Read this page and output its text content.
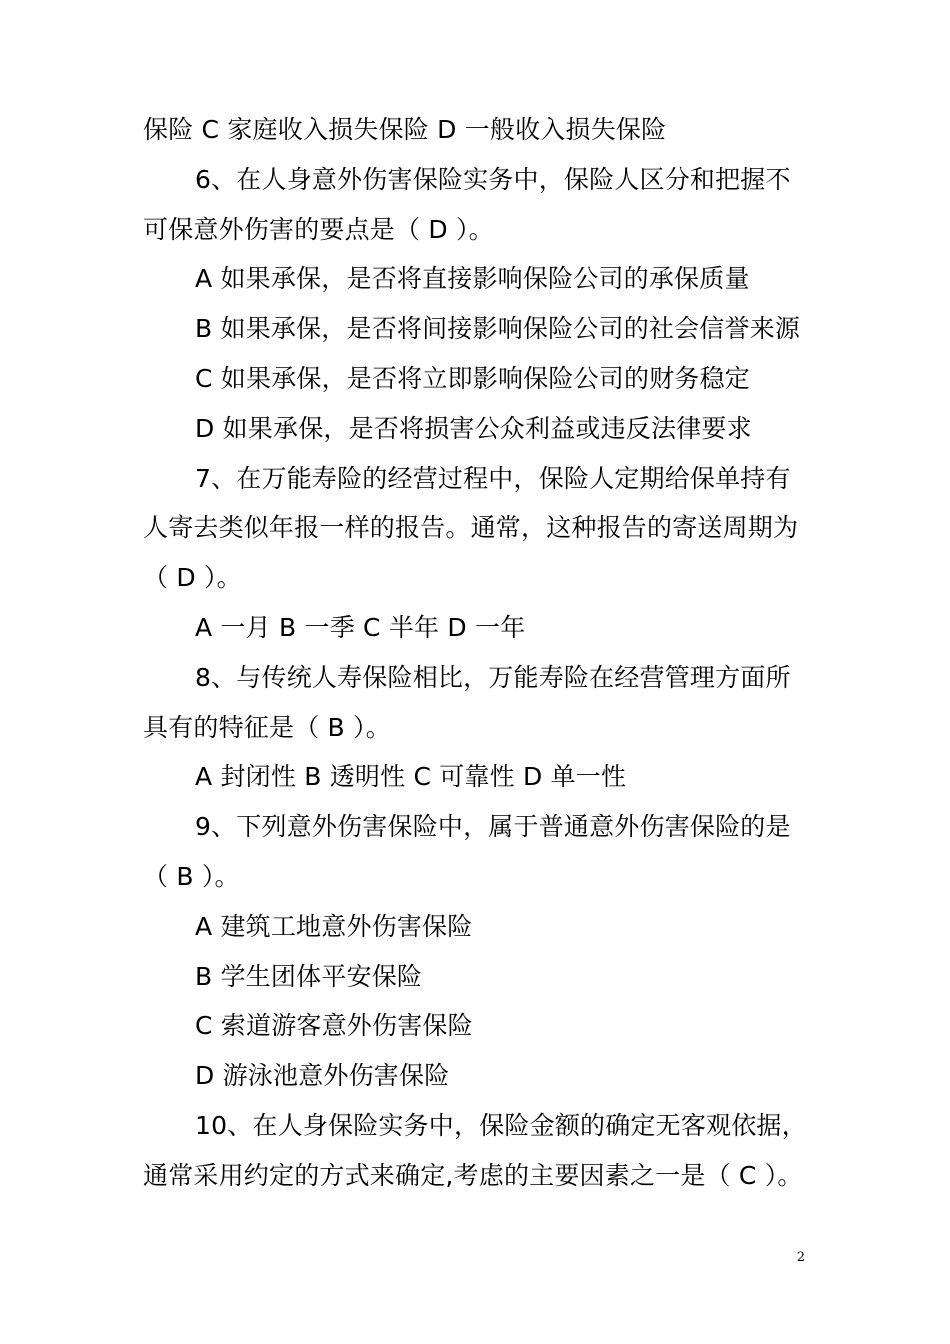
保险 C 家庭收入损失保险 D 一般收入损失保险
6、在人身意外伤害保险实务中，保险人区分和把握不
可保意外伤害的要点是（ D ）。
A 如果承保，是否将直接影响保险公司的承保质量
B 如果承保，是否将间接影响保险公司的社会信誉来源
C 如果承保，是否将立即影响保险公司的财务稳定
D 如果承保，是否将损害公众利益或违反法律要求
7、在万能寿险的经营过程中，保险人定期给保单持有
人寄去类似年报一样的报告。通常，这种报告的寄送周期为
（ D ）。
A 一月 B 一季 C 半年 D 一年
8、与传统人寿保险相比，万能寿险在经营管理方面所
具有的特征是（ B ）。
A 封闭性 B 透明性 C 可靠性 D 单一性
9、下列意外伤害保险中，属于普通意外伤害保险的是
（ B ）。
A 建筑工地意外伤害保险
B 学生团体平安保险
C 索道游客意外伤害保险
D 游泳池意外伤害保险
10、在人身保险实务中，保险金额的确定无客观依据，
通常采用约定的方式来确定,考虑的主要因素之一是（ C ）。
2
